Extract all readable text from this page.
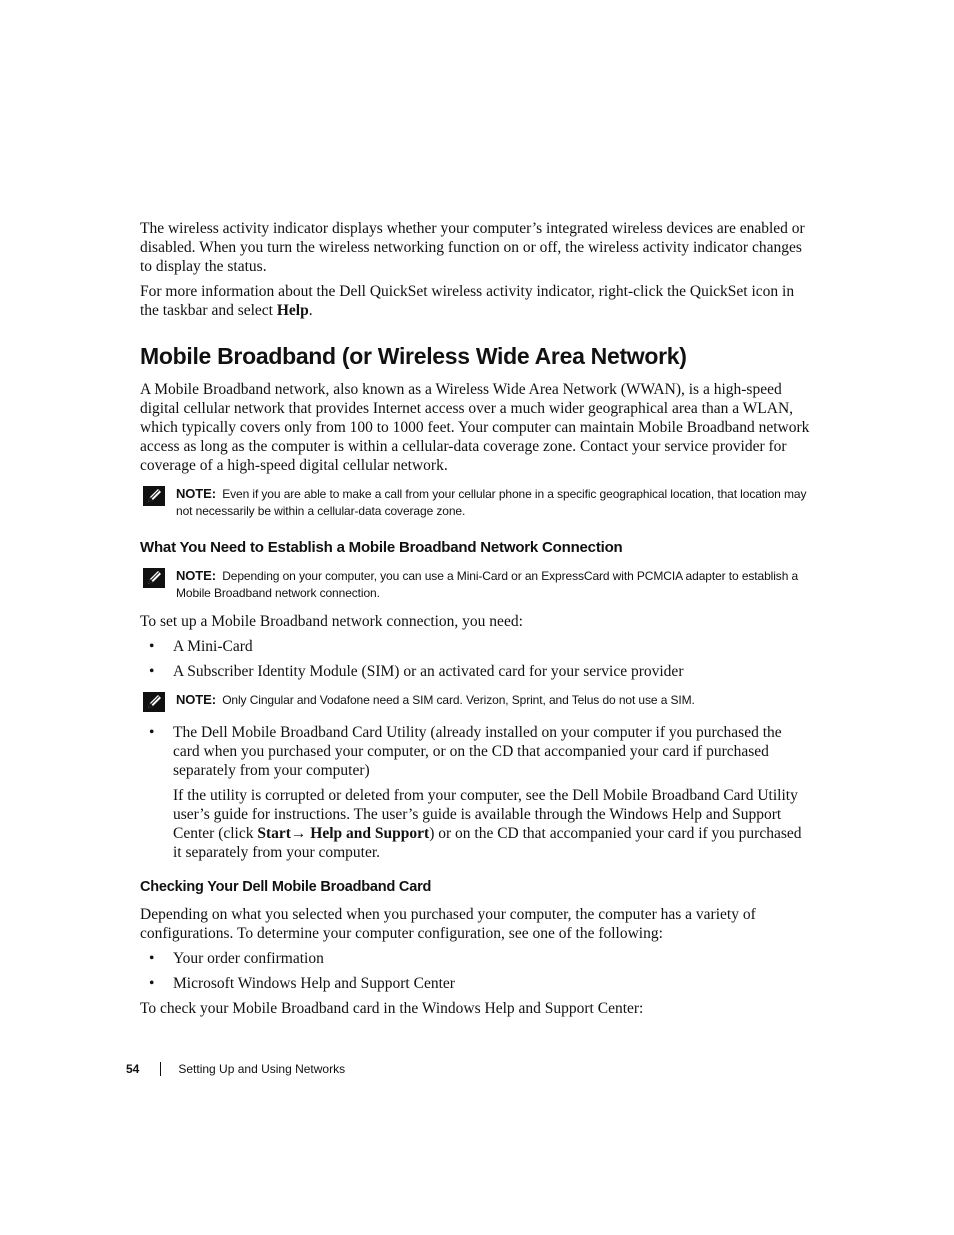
The wireless activity indicator displays whether your computer’s integrated wireless devices are enabled or disabled. When you turn the wireless networking function on or off, the wireless activity indicator changes to display the status.

For more information about the Dell QuickSet wireless activity indicator, right-click the QuickSet icon in the taskbar and select Help.

Mobile Broadband (or Wireless Wide Area Network)

A Mobile Broadband network, also known as a Wireless Wide Area Network (WWAN), is a high-speed digital cellular network that provides Internet access over a much wider geographical area than a WLAN, which typically covers only from 100 to 1000 feet. Your computer can maintain Mobile Broadband network access as long as the computer is within a cellular-data coverage zone. Contact your service provider for coverage of a high-speed digital cellular network.

NOTE: Even if you are able to make a call from your cellular phone in a specific geographical location, that location may not necessarily be within a cellular-data coverage zone.
What You Need to Establish a Mobile Broadband Network Connection
NOTE: Depending on your computer, you can use a Mini-Card or an ExpressCard with PCMCIA adapter to establish a Mobile Broadband network connection.

To set up a Mobile Broadband network connection, you need:

• A Mini-Card
• A Subscriber Identity Module (SIM) or an activated card for your service provider
NOTE: Only Cingular and Vodafone need a SIM card. Verizon, Sprint, and Telus do not use a SIM.
• The Dell Mobile Broadband Card Utility (already installed on your computer if you purchased the card when you purchased your computer, or on the CD that accompanied your card if purchased separately from your computer)

If the utility is corrupted or deleted from your computer, see the Dell Mobile Broadband Card Utility user’s guide for instructions. The user’s guide is available through the Windows Help and Support Center (click Start→ Help and Support) or on the CD that accompanied your card if you purchased it separately from your computer.

Checking Your Dell Mobile Broadband Card

Depending on what you selected when you purchased your computer, the computer has a variety of configurations. To determine your computer configuration, see one of the following:

• Your order confirmation
• Microsoft Windows Help and Support Center

To check your Mobile Broadband card in the Windows Help and Support Center:

54	Setting Up and Using Networks
